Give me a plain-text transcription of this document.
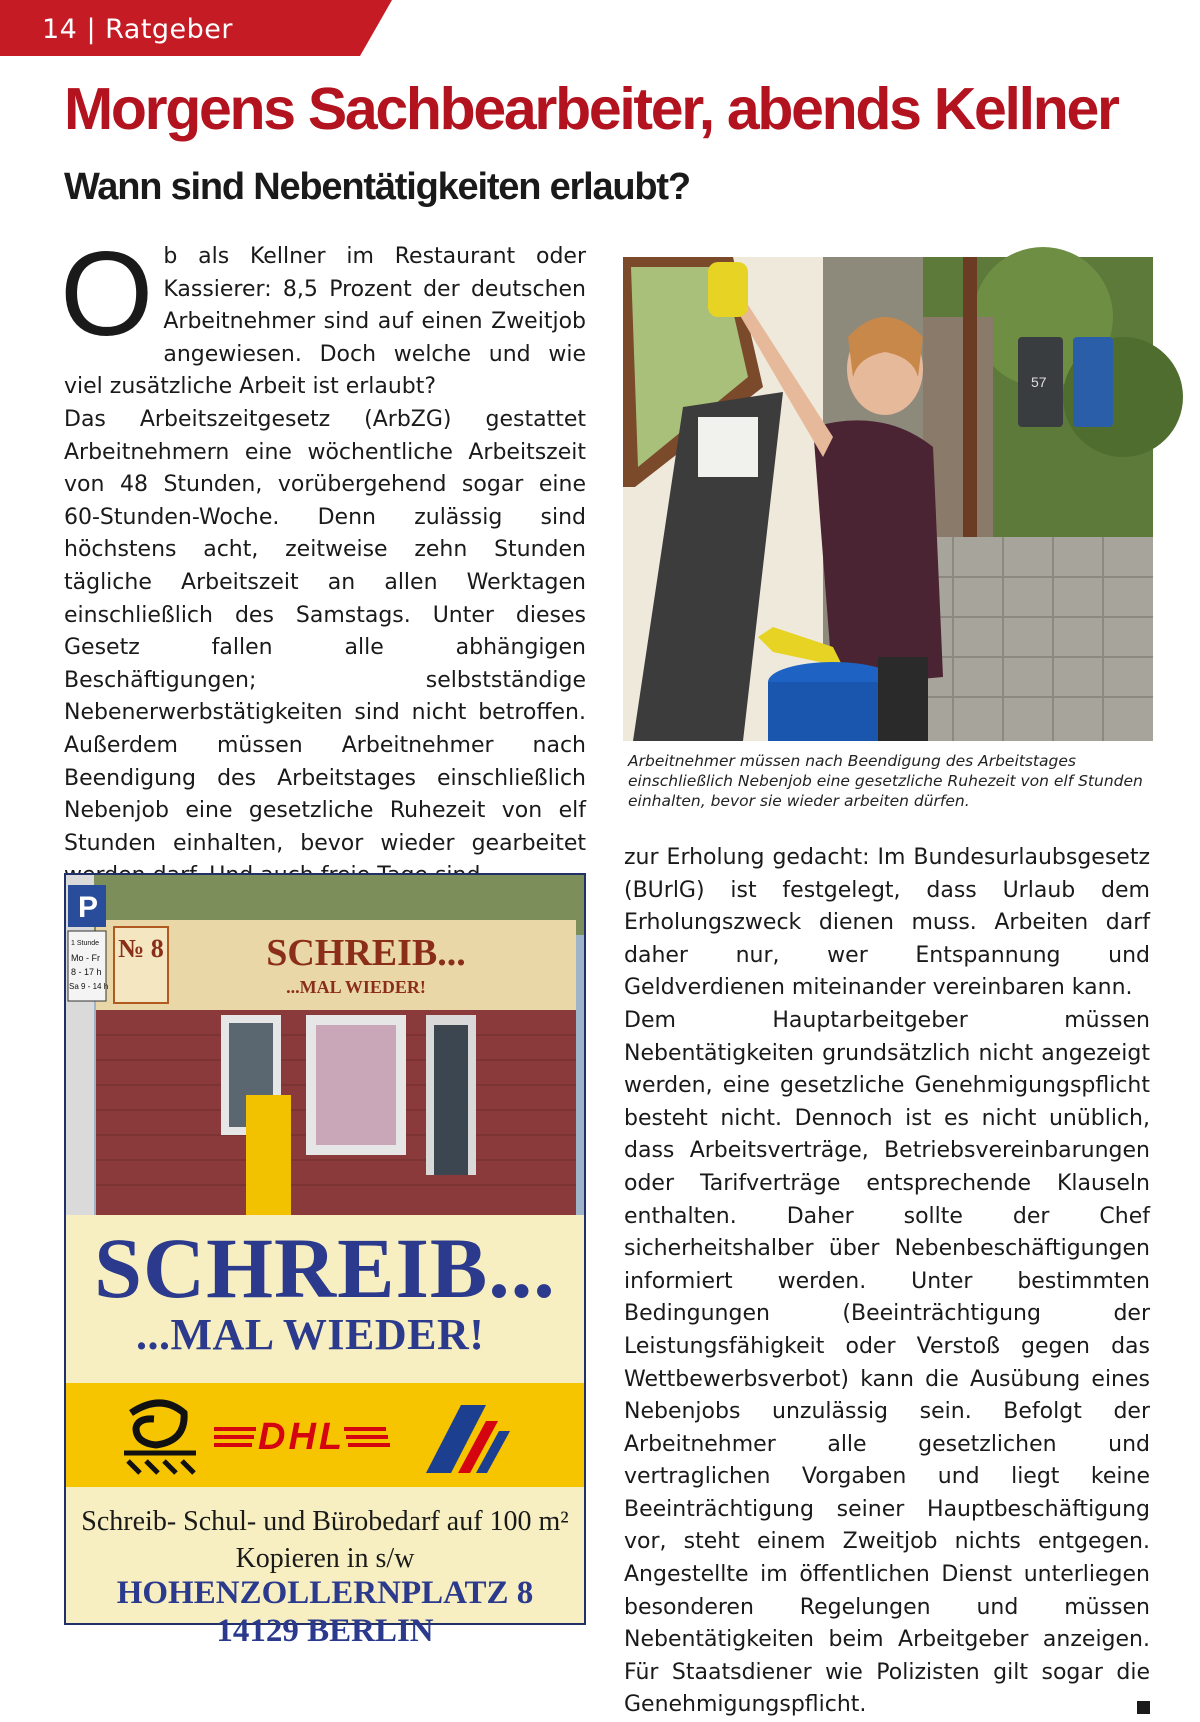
14 | Ratgeber
Morgens Sachbearbeiter, abends Kellner
Wann sind Nebentätigkeiten erlaubt?
O b als Kellner im Restaurant oder Kassierer: 8,5 Prozent der deutschen Arbeitnehmer sind auf einen Zweitjob angewiesen. Doch welche und wie viel zusätzliche Arbeit ist erlaubt?
Das Arbeitszeitgesetz (ArbZG) gestattet Arbeitnehmern eine wöchentliche Arbeitszeit von 48 Stunden, vorübergehend sogar eine 60-Stunden-Woche. Denn zulässig sind höchstens acht, zeitweise zehn Stunden tägliche Arbeitszeit an allen Werktagen einschließlich des Samstags. Unter dieses Gesetz fallen alle abhängigen Beschäftigungen; selbstständige Nebenerwerbstätigkeiten sind nicht betroffen. Außerdem müssen Arbeitnehmer nach Beendigung des Arbeitstages einschließlich Nebenjob eine gesetzliche Ruhezeit von elf Stunden einhalten, bevor wieder gearbeitet
57
Arbeitnehmer müssen nach Beendigung des Arbeitstages einschließlich Nebenjob eine gesetzliche Ruhezeit von elf Stunden einhalten, bevor sie wieder arbeiten dürfen.
№ 8	SCHREIB...
...MAL WIEDER!
P
1 Stunde
Mo - Fr
8 - 17 h
Sa 9 - 14 h
SCHREIB...
...MAL WIEDER!
DHL
Schreib- Schul- und Bürobedarf auf 100 m²
Kopieren in s/w
HOHENZOLLERNPLATZ 8
14129 BERLIN
zur Erholung gedacht: Im Bundesurlaubsgesetz (BUrlG) ist festgelegt, dass Urlaub dem Erholungszweck dienen muss. Arbeiten darf daher nur, wer Entspannung und Geldverdienen miteinander vereinbaren kann.
Dem Hauptarbeitgeber müssen Nebentätigkeiten grundsätzlich nicht angezeigt werden, eine gesetzliche Genehmigungspflicht besteht nicht. Dennoch ist es nicht unüblich, dass Arbeitsverträge, Betriebsvereinbarungen oder Tarifverträge entsprechende Klauseln enthalten. Daher sollte der Chef sicherheitshalber über Nebenbeschäftigungen informiert werden. Unter bestimmten Bedingungen (Beeinträchtigung der Leistungsfähigkeit oder Verstoß gegen das Wettbewerbsverbot) kann die Ausübung eines Nebenjobs unzulässig sein. Befolgt der Arbeitnehmer alle gesetzlichen und vertraglichen Vorgaben und liegt keine Beeinträchtigung seiner Hauptbeschäftigung vor, steht einem Zweitjob nichts entgegen. Angestellte im öffentlichen Dienst unterliegen besonderen Regelungen und müssen Nebentätigkeiten beim Arbeitgeber anzeigen. Für Staatsdiener wie Polizisten gilt sogar die Genehmigungspflicht.
